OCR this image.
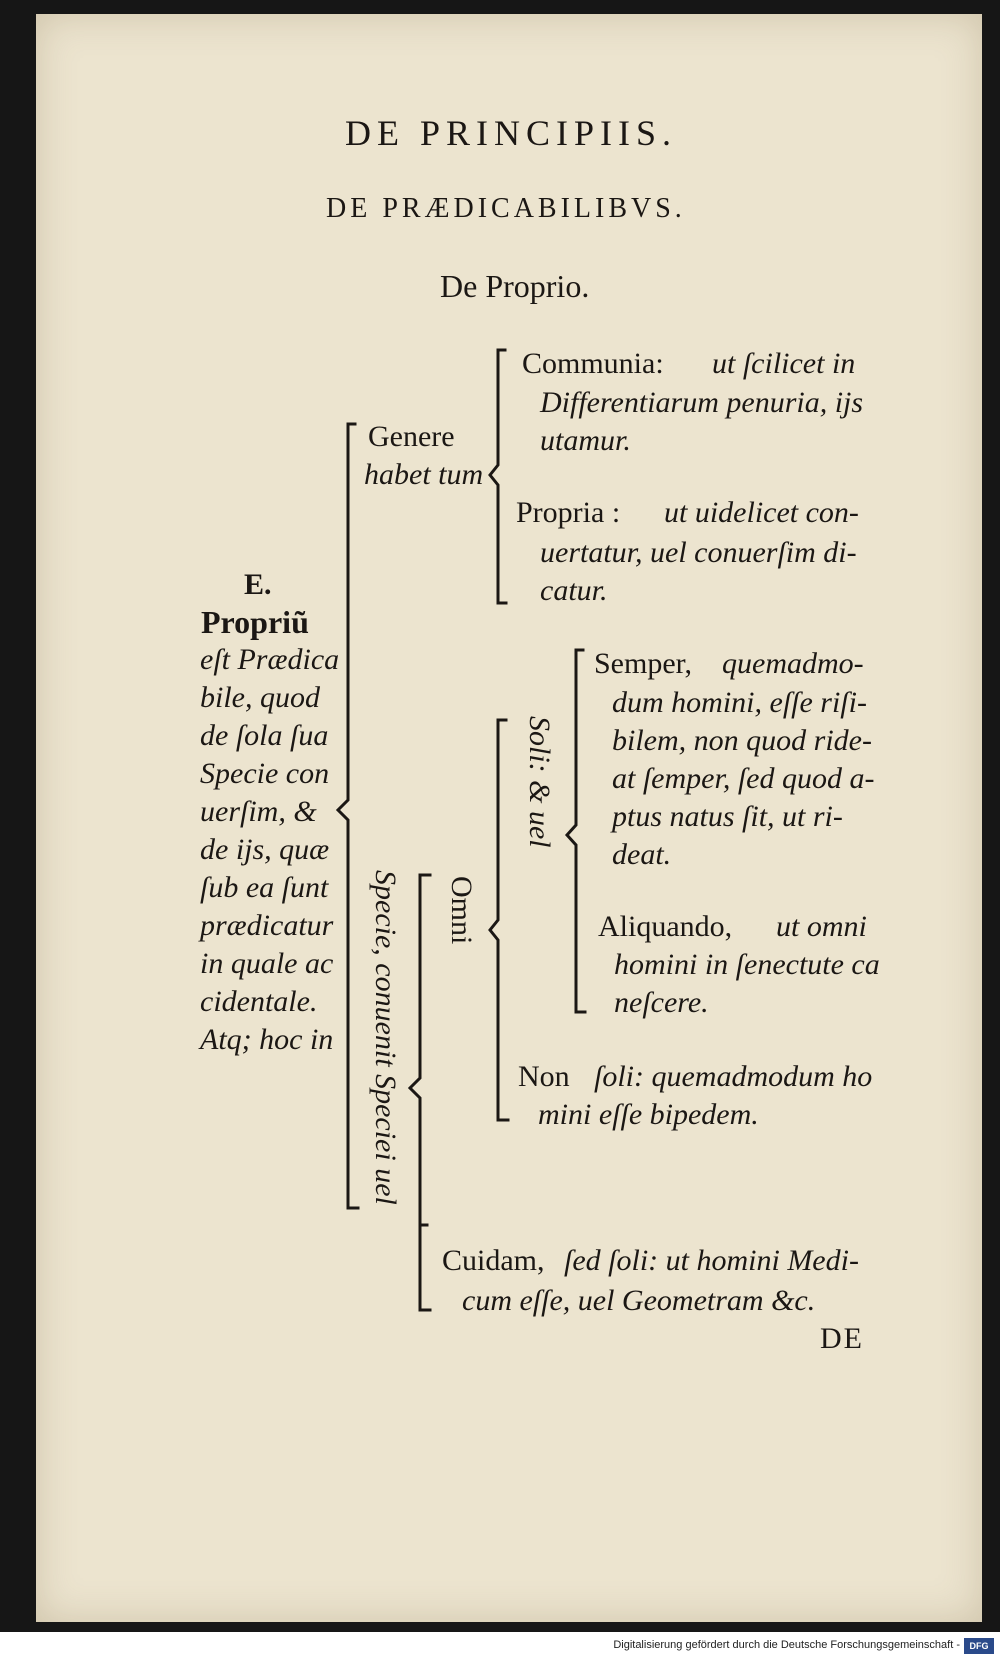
DE PRINCIPIIS.
DE PRÆDICABILIBVS.
De Proprio.
E.
Propriũ
eſt Prædica
bile, quod
de ſola ſua
Specie con
uerſim, &
de ijs, quæ
ſub ea ſunt
prædicatur
in quale ac
cidentale.
Atq; hoc in
Genere
habet tum
Communia: ut ſcilicet in
Differentiarum penuria, ijs
utamur.
Propria : ut uidelicet con-
uertatur, uel conuerſim di-
catur.
Specie, conuenit Speciei uel Omni
Soli: & uel
Semper, quemadmo-
dum homini, eſſe riſi-
bilem, non quod ride-
at ſemper, ſed quod a-
ptus natus ſit, ut ri-
deat.
Aliquando, ut omni
homini in ſenectute ca
neſcere.
Non ſoli: quemadmodum ho
mini eſſe bipedem.
Cuidam, ſed ſoli: ut homini Medi-
cum eſſe, uel Geometram &c.
DE
Digitalisierung gefördert durch die Deutsche Forschungsgemeinschaft -	DFG
